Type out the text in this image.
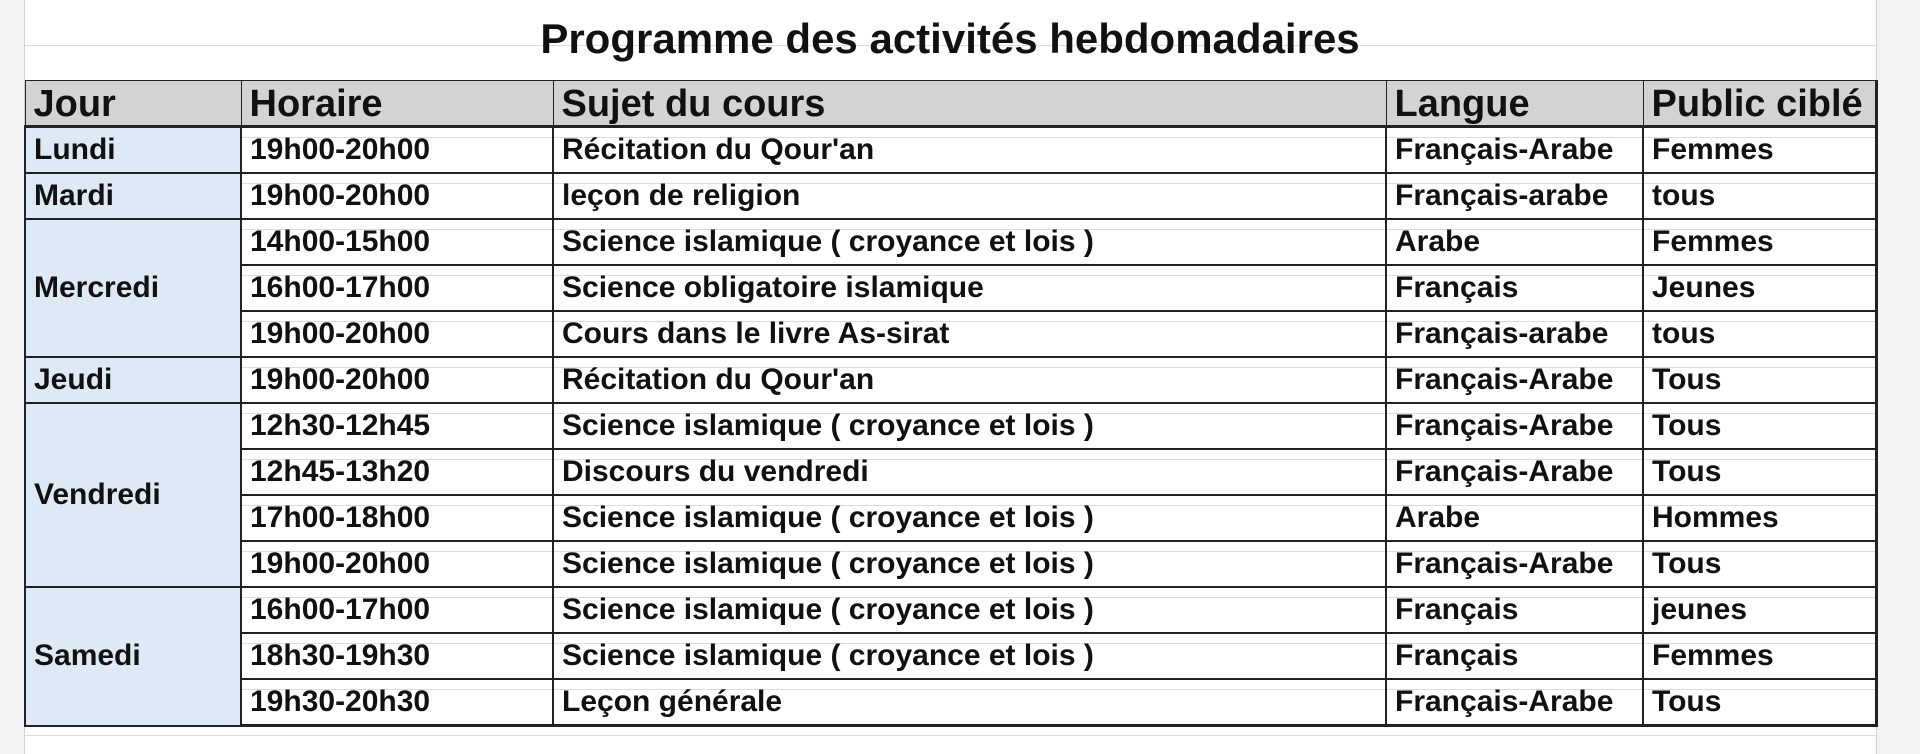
Programme des activités hebdomadaires
Jour	Horaire	Sujet du cours	Langue	Public ciblé
Lundi	19h00-20h00	Récitation du Qour'an	Français-Arabe	Femmes
Mardi	19h00-20h00	leçon de religion	Français-arabe	tous
Mercredi	14h00-15h00	Science islamique ( croyance et lois )	Arabe	Femmes
	16h00-17h00	Science obligatoire islamique	Français	Jeunes
	19h00-20h00	Cours dans le livre As-sirat	Français-arabe	tous
Jeudi	19h00-20h00	Récitation du Qour'an	Français-Arabe	Tous
Vendredi	12h30-12h45	Science islamique ( croyance et lois )	Français-Arabe	Tous
	12h45-13h20	Discours du vendredi	Français-Arabe	Tous
	17h00-18h00	Science islamique ( croyance et lois )	Arabe	Hommes
	19h00-20h00	Science islamique ( croyance et lois )	Français-Arabe	Tous
Samedi	16h00-17h00	Science islamique ( croyance et lois )	Français	jeunes
	18h30-19h30	Science islamique ( croyance et lois )	Français	Femmes
	19h30-20h30	Leçon générale	Français-Arabe	Tous
